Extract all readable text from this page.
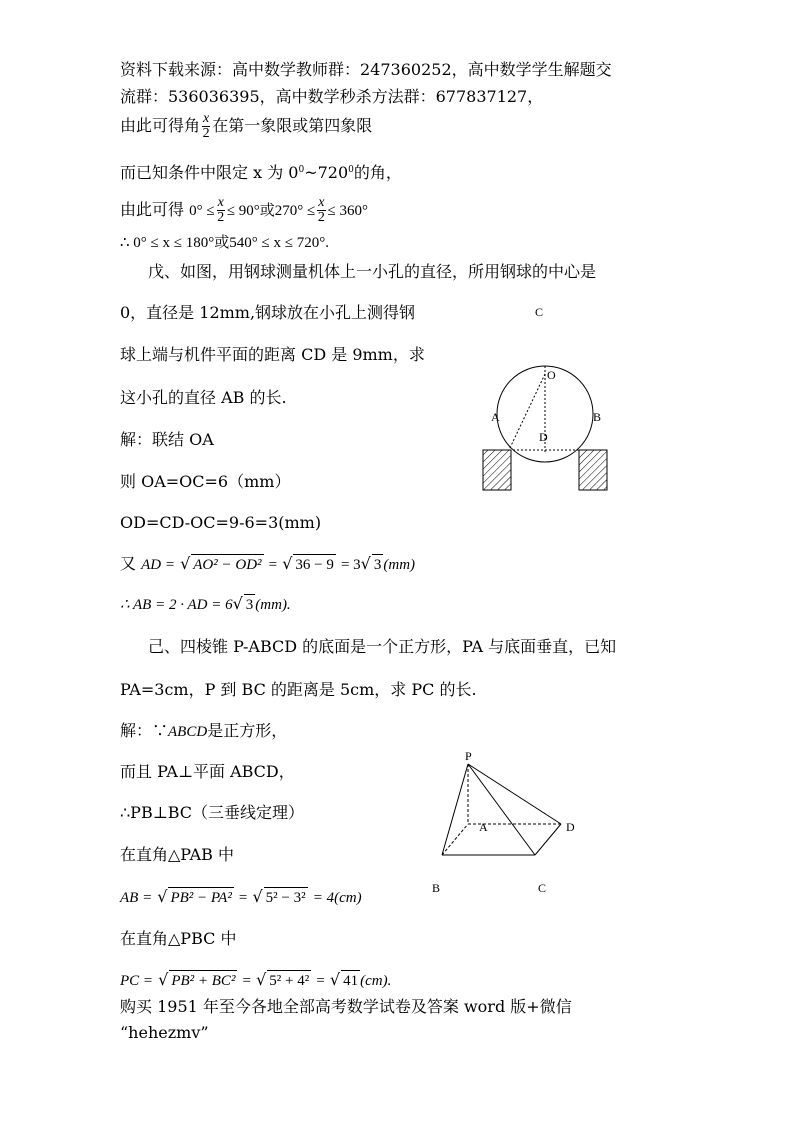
资料下载来源：高中数学教师群：247360252，高中数学学生解题交
流群：536036395，高中数学秒杀方法群：677837127，
由此可得角 $\frac{x}{2}$ 在第一象限或第四象限
而已知条件中限定 x 为 $0^0\sim 720^0$的角，
由此可得 $0^\circ \le \frac{x}{2} \le 90^\circ$或$270^\circ \le \frac{x}{2} \le 360^\circ$
∴ 0° ≤ x ≤ 180°或540° ≤ x ≤ 720°.
戊、如图，用钢球测量机体上一小孔的直径，所用钢球的中心是
0，直径是 12mm,钢球放在小孔上测得钢
球上端与机件平面的距离 CD 是 9mm，求
这小孔的直径 AB 的长.
解：联结 OA
则 OA=OC=6（mm）
OD=CD-OC=9-6=3(mm)
又 AD = √ AO² − OD² = √ 36 − 9 = 3√ 3 (mm)
∴ AB = 2 · AD = 6√ 3 (mm).
C
O
A	B
D
己、四棱锥 P-ABCD 的底面是一个正方形，PA 与底面垂直，已知
PA=3cm，P 到 BC 的距离是 5cm，求 PC 的长.
解：∵ABCD是正方形，
而且 PA⊥平面 ABCD，
∴PB⊥BC（三垂线定理）
在直角△PAB 中
AB = √ PB² − PA² = √ 5² − 3² = 4(cm)
在直角△PBC 中
PC = √ PB² + BC² = √ 5² + 4² = √ 41 (cm).
P
A	D
B	C
购买 1951 年至今各地全部高考数学试卷及答案 word 版+微信
“hehezmv”
